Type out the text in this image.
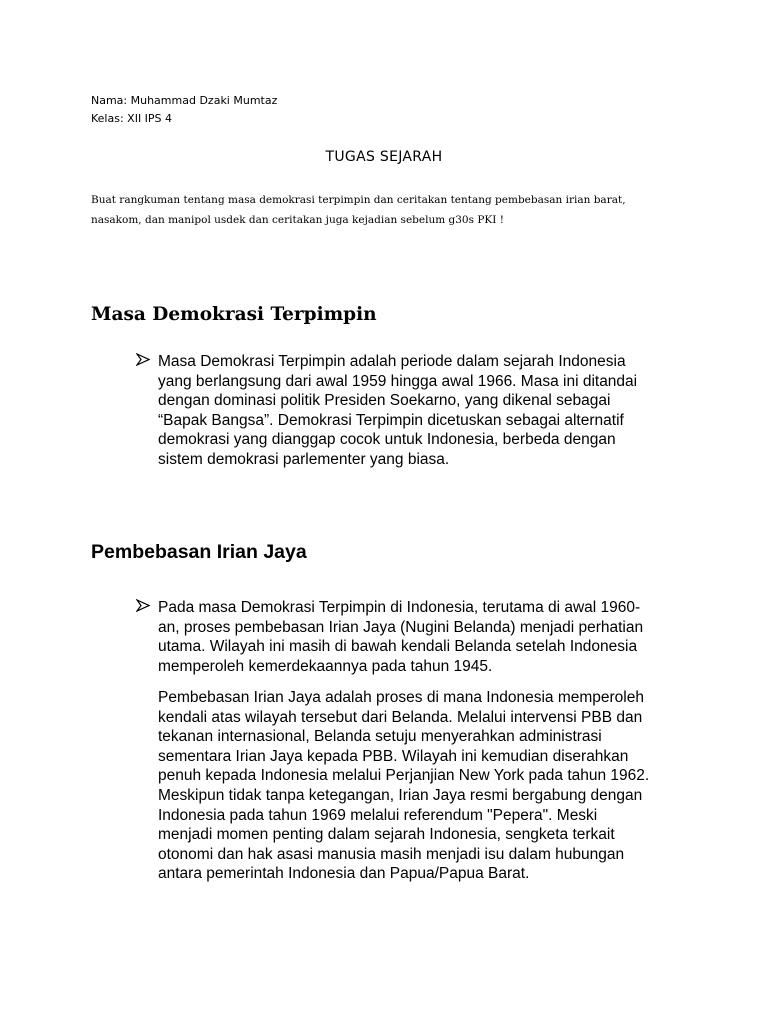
Nama: Muhammad Dzaki Mumtaz
Kelas: XII IPS 4
TUGAS SEJARAH
Buat rangkuman tentang masa demokrasi terpimpin dan ceritakan tentang pembebasan irian barat,
nasakom, dan manipol usdek dan ceritakan juga kejadian sebelum g30s PKI !
Masa Demokrasi Terpimpin
Masa Demokrasi Terpimpin adalah periode dalam sejarah Indonesia
yang berlangsung dari awal 1959 hingga awal 1966. Masa ini ditandai
dengan dominasi politik Presiden Soekarno, yang dikenal sebagai
“Bapak Bangsa”. Demokrasi Terpimpin dicetuskan sebagai alternatif
demokrasi yang dianggap cocok untuk Indonesia, berbeda dengan
sistem demokrasi parlementer yang biasa.
Pembebasan Irian Jaya
Pada masa Demokrasi Terpimpin di Indonesia, terutama di awal 1960-
an, proses pembebasan Irian Jaya (Nugini Belanda) menjadi perhatian
utama. Wilayah ini masih di bawah kendali Belanda setelah Indonesia
memperoleh kemerdekaannya pada tahun 1945.
Pembebasan Irian Jaya adalah proses di mana Indonesia memperoleh
kendali atas wilayah tersebut dari Belanda. Melalui intervensi PBB dan
tekanan internasional, Belanda setuju menyerahkan administrasi
sementara Irian Jaya kepada PBB. Wilayah ini kemudian diserahkan
penuh kepada Indonesia melalui Perjanjian New York pada tahun 1962.
Meskipun tidak tanpa ketegangan, Irian Jaya resmi bergabung dengan
Indonesia pada tahun 1969 melalui referendum "Pepera". Meski
menjadi momen penting dalam sejarah Indonesia, sengketa terkait
otonomi dan hak asasi manusia masih menjadi isu dalam hubungan
antara pemerintah Indonesia dan Papua/Papua Barat.
